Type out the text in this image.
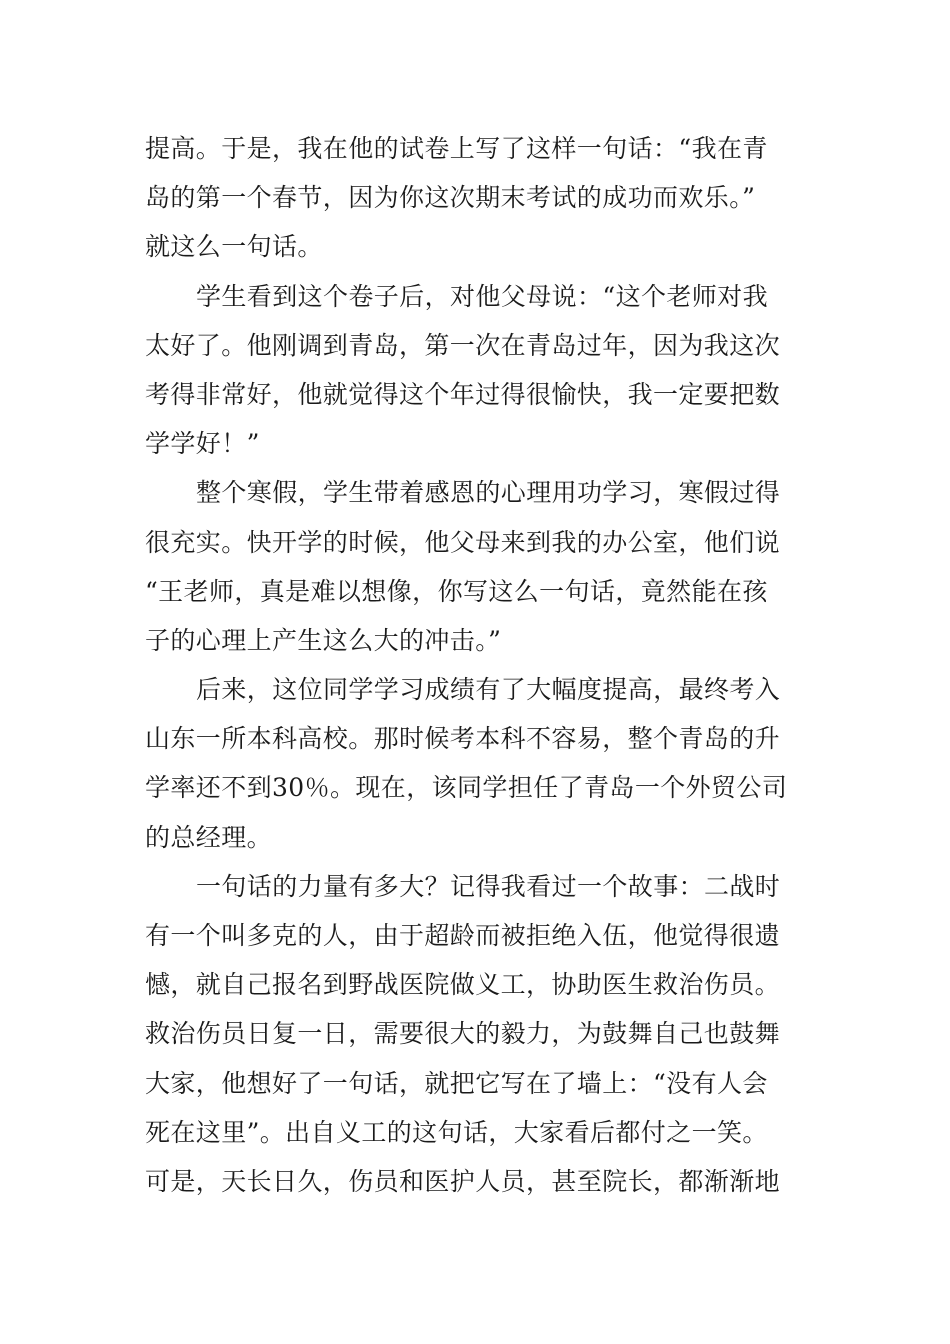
提高。于是，我在他的试卷上写了这样一句话：“我在青
岛的第一个春节，因为你这次期末考试的成功而欢乐。”
就这么一句话。
学生看到这个卷子后，对他父母说：“这个老师对我
太好了。他刚调到青岛，第一次在青岛过年，因为我这次
考得非常好，他就觉得这个年过得很愉快，我一定要把数
学学好！”
整个寒假，学生带着感恩的心理用功学习，寒假过得
很充实。快开学的时候，他父母来到我的办公室，他们说
“王老师，真是难以想像，你写这么一句话，竟然能在孩
子的心理上产生这么大的冲击。”
后来，这位同学学习成绩有了大幅度提高，最终考入
山东一所本科高校。那时候考本科不容易，整个青岛的升
学率还不到30％。现在，该同学担任了青岛一个外贸公司
的总经理。
一句话的力量有多大？记得我看过一个故事：二战时
有一个叫多克的人，由于超龄而被拒绝入伍，他觉得很遗
憾，就自己报名到野战医院做义工，协助医生救治伤员。
救治伤员日复一日，需要很大的毅力，为鼓舞自己也鼓舞
大家，他想好了一句话，就把它写在了墙上：“没有人会
死在这里”。出自义工的这句话，大家看后都付之一笑。
可是，天长日久，伤员和医护人员，甚至院长，都渐渐地
